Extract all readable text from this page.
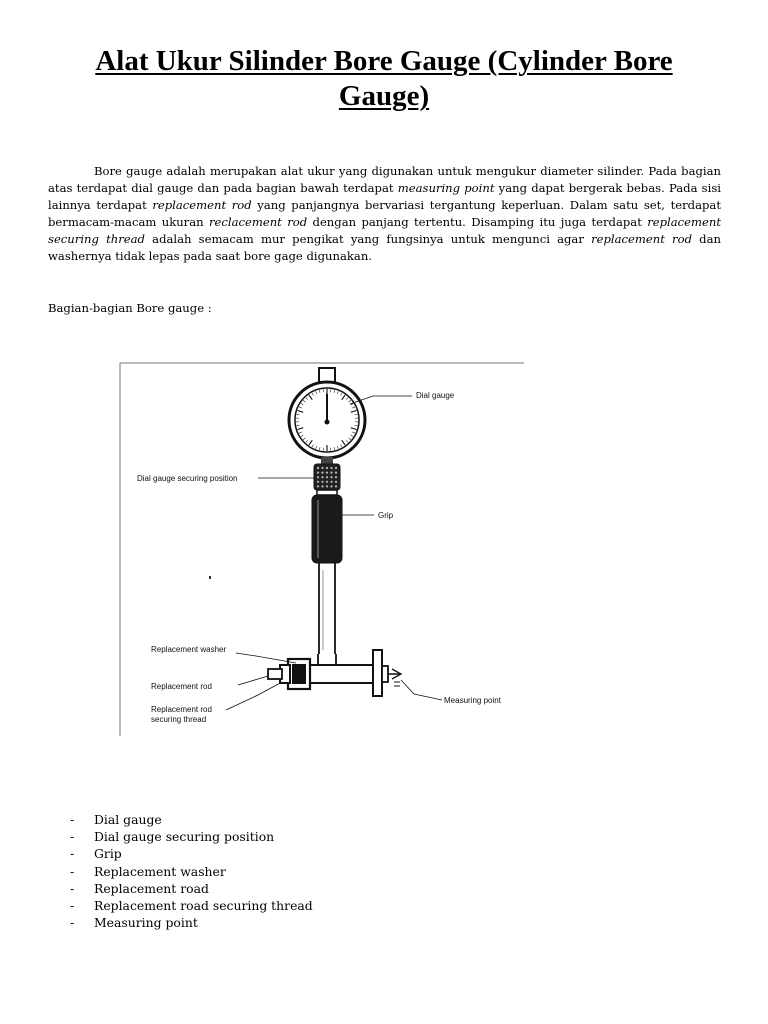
Alat Ukur Silinder Bore Gauge (Cylinder Bore Gauge)

Bore gauge adalah merupakan alat ukur yang digunakan untuk mengukur diameter silinder. Pada bagian atas terdapat dial gauge dan pada bagian bawah terdapat measuring point yang dapat bergerak bebas. Pada sisi lainnya terdapat replacement rod yang panjangnya bervariasi tergantung keperluan. Dalam satu set, terdapat bermacam-macam ukuran reclacement rod dengan panjang tertentu. Disamping itu juga terdapat replacement securing thread adalah semacam mur pengikat yang fungsinya untuk mengunci agar replacement rod dan washernya tidak lepas pada saat bore gage digunakan.

Bagian-bagian Bore gauge :

Dial gauge
Dial gauge securing position
Grip
Replacement washer
Replacement rod
Replacement rod
securing thread
Measuring point
- Dial gauge
- Dial gauge securing position
- Grip
- Replacement washer
- Replacement road
- Replacement road securing thread
- Measuring point
